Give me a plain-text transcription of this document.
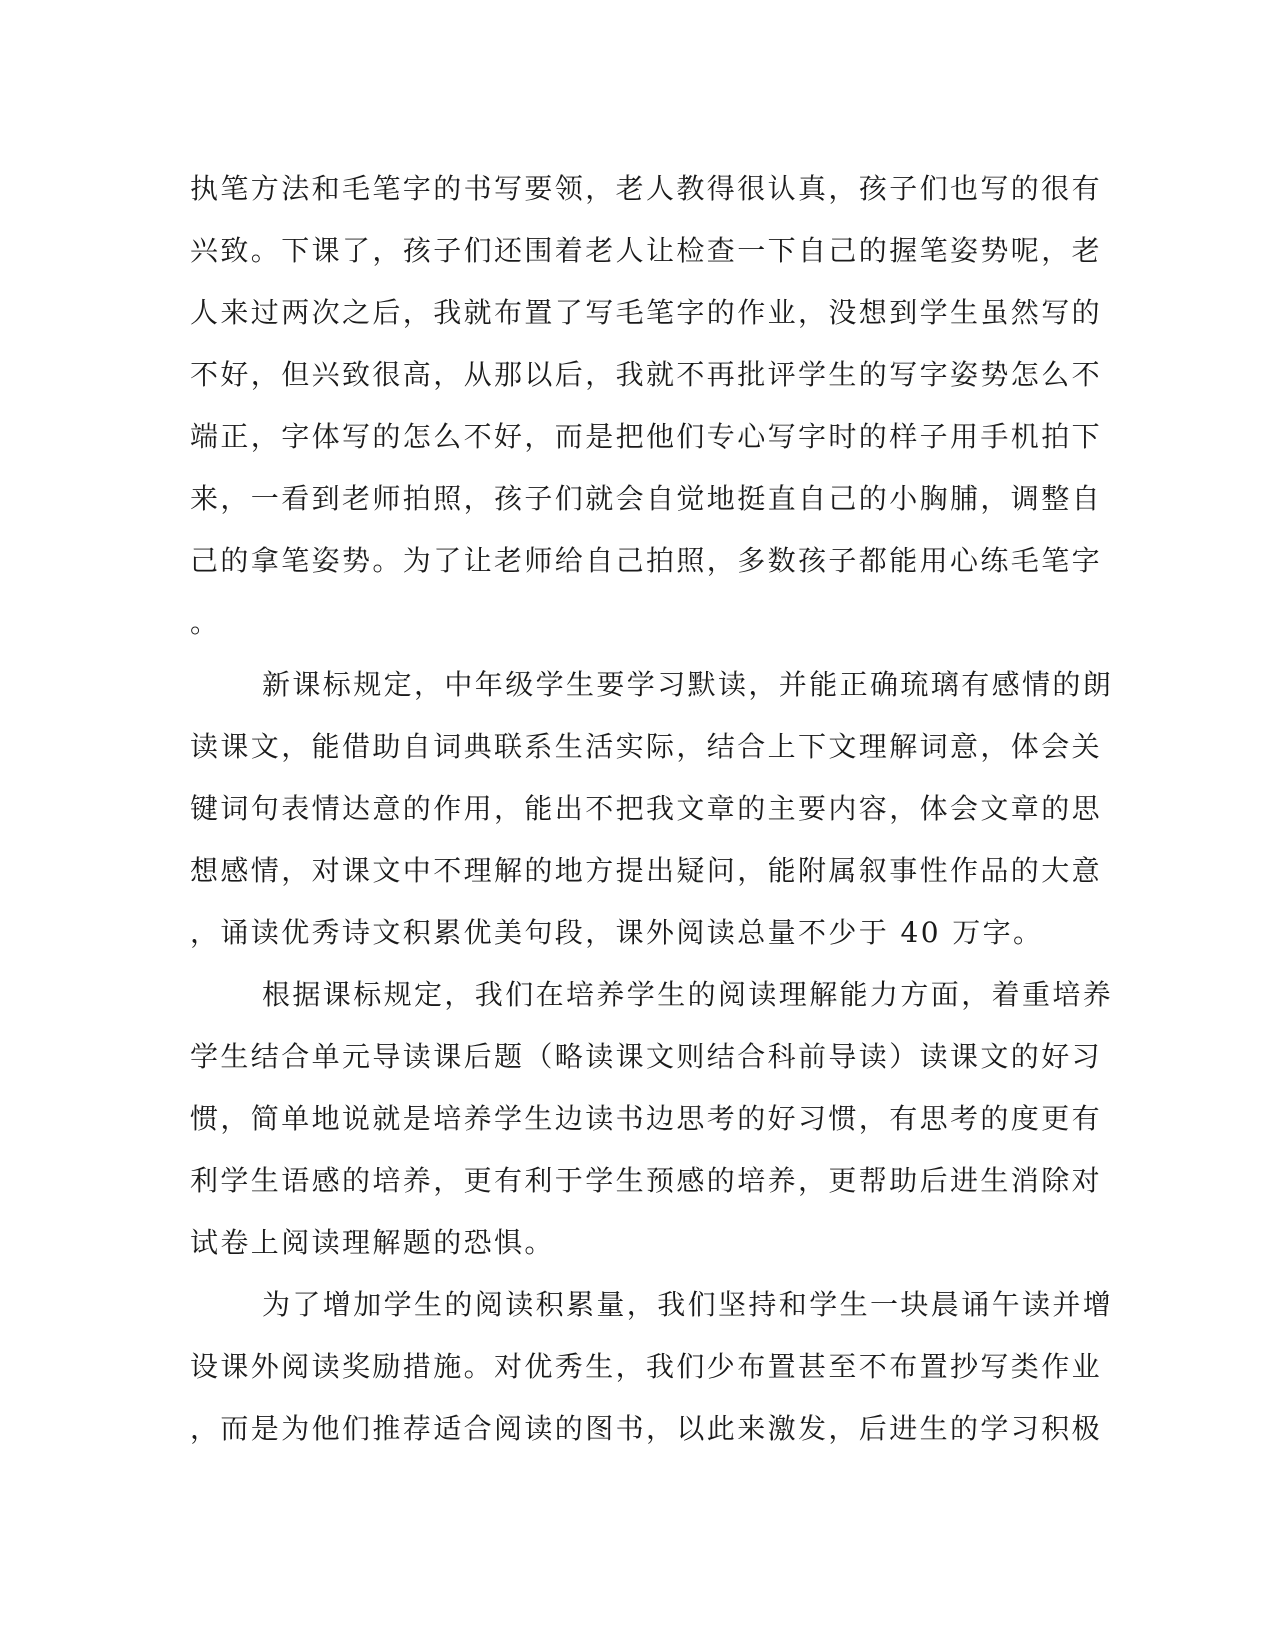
执笔方法和毛笔字的书写要领，老人教得很认真，孩子们也写的很有
兴致。下课了，孩子们还围着老人让检查一下自己的握笔姿势呢，老
人来过两次之后，我就布置了写毛笔字的作业，没想到学生虽然写的
不好，但兴致很高，从那以后，我就不再批评学生的写字姿势怎么不
端正，字体写的怎么不好，而是把他们专心写字时的样子用手机拍下
来，一看到老师拍照，孩子们就会自觉地挺直自己的小胸脯，调整自
己的拿笔姿势。为了让老师给自己拍照，多数孩子都能用心练毛笔字
。
新课标规定，中年级学生要学习默读，并能正确琉璃有感情的朗
读课文，能借助自词典联系生活实际，结合上下文理解词意，体会关
键词句表情达意的作用，能出不把我文章的主要内容，体会文章的思
想感情，对课文中不理解的地方提出疑问，能附属叙事性作品的大意
，诵读优秀诗文积累优美句段，课外阅读总量不少于 40 万字。
根据课标规定，我们在培养学生的阅读理解能力方面，着重培养
学生结合单元导读课后题（略读课文则结合科前导读）读课文的好习
惯，简单地说就是培养学生边读书边思考的好习惯，有思考的度更有
利学生语感的培养，更有利于学生预感的培养，更帮助后进生消除对
试卷上阅读理解题的恐惧。
为了增加学生的阅读积累量，我们坚持和学生一块晨诵午读并增
设课外阅读奖励措施。对优秀生，我们少布置甚至不布置抄写类作业
，而是为他们推荐适合阅读的图书，以此来激发，后进生的学习积极
